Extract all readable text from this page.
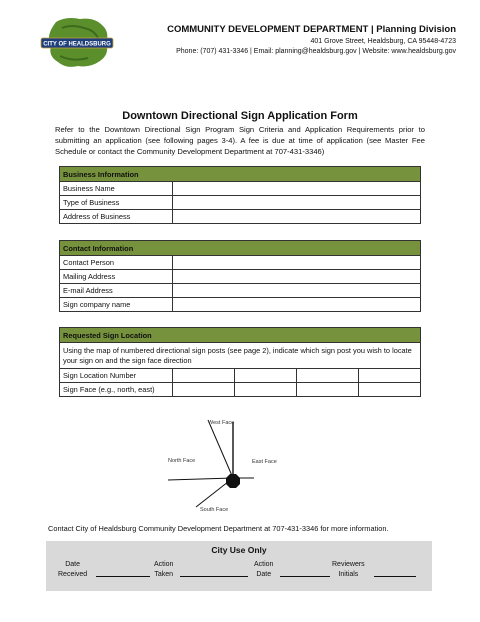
CITY OF HEALDSBURG
COMMUNITY DEVELOPMENT DEPARTMENT | Planning Division
401 Grove Street, Healdsburg, CA 95448-4723
Phone: (707) 431-3346 | Email: planning@healdsburg.gov | Website: www.healdsburg.gov
Downtown Directional Sign Application Form
Refer to the Downtown Directional Sign Program Sign Criteria and Application Requirements prior to submitting an application (see following pages 3-4). A fee is due at time of application (see Master Fee Schedule or contact the Community Development Department at 707-431-3346)
Business Information	
Business Name	
Type of Business	
Address of Business	
Contact Information	
Contact Person	
Mailing Address	
E-mail Address	
Sign company name	
Requested Sign Location				
Using the map of numbered directional sign posts (see page 2), indicate which sign post you wish to locate your sign on and the sign face direction				
Sign Location Number				
Sign Face (e.g., north, east)				
West Face
North Face	East Face
South Face
Contact City of Healdsburg Community Development Department at 707-431-3346 for more information.
City Use Only
Date
Received
Action
Taken
Action
Date
Reviewers
Initials
